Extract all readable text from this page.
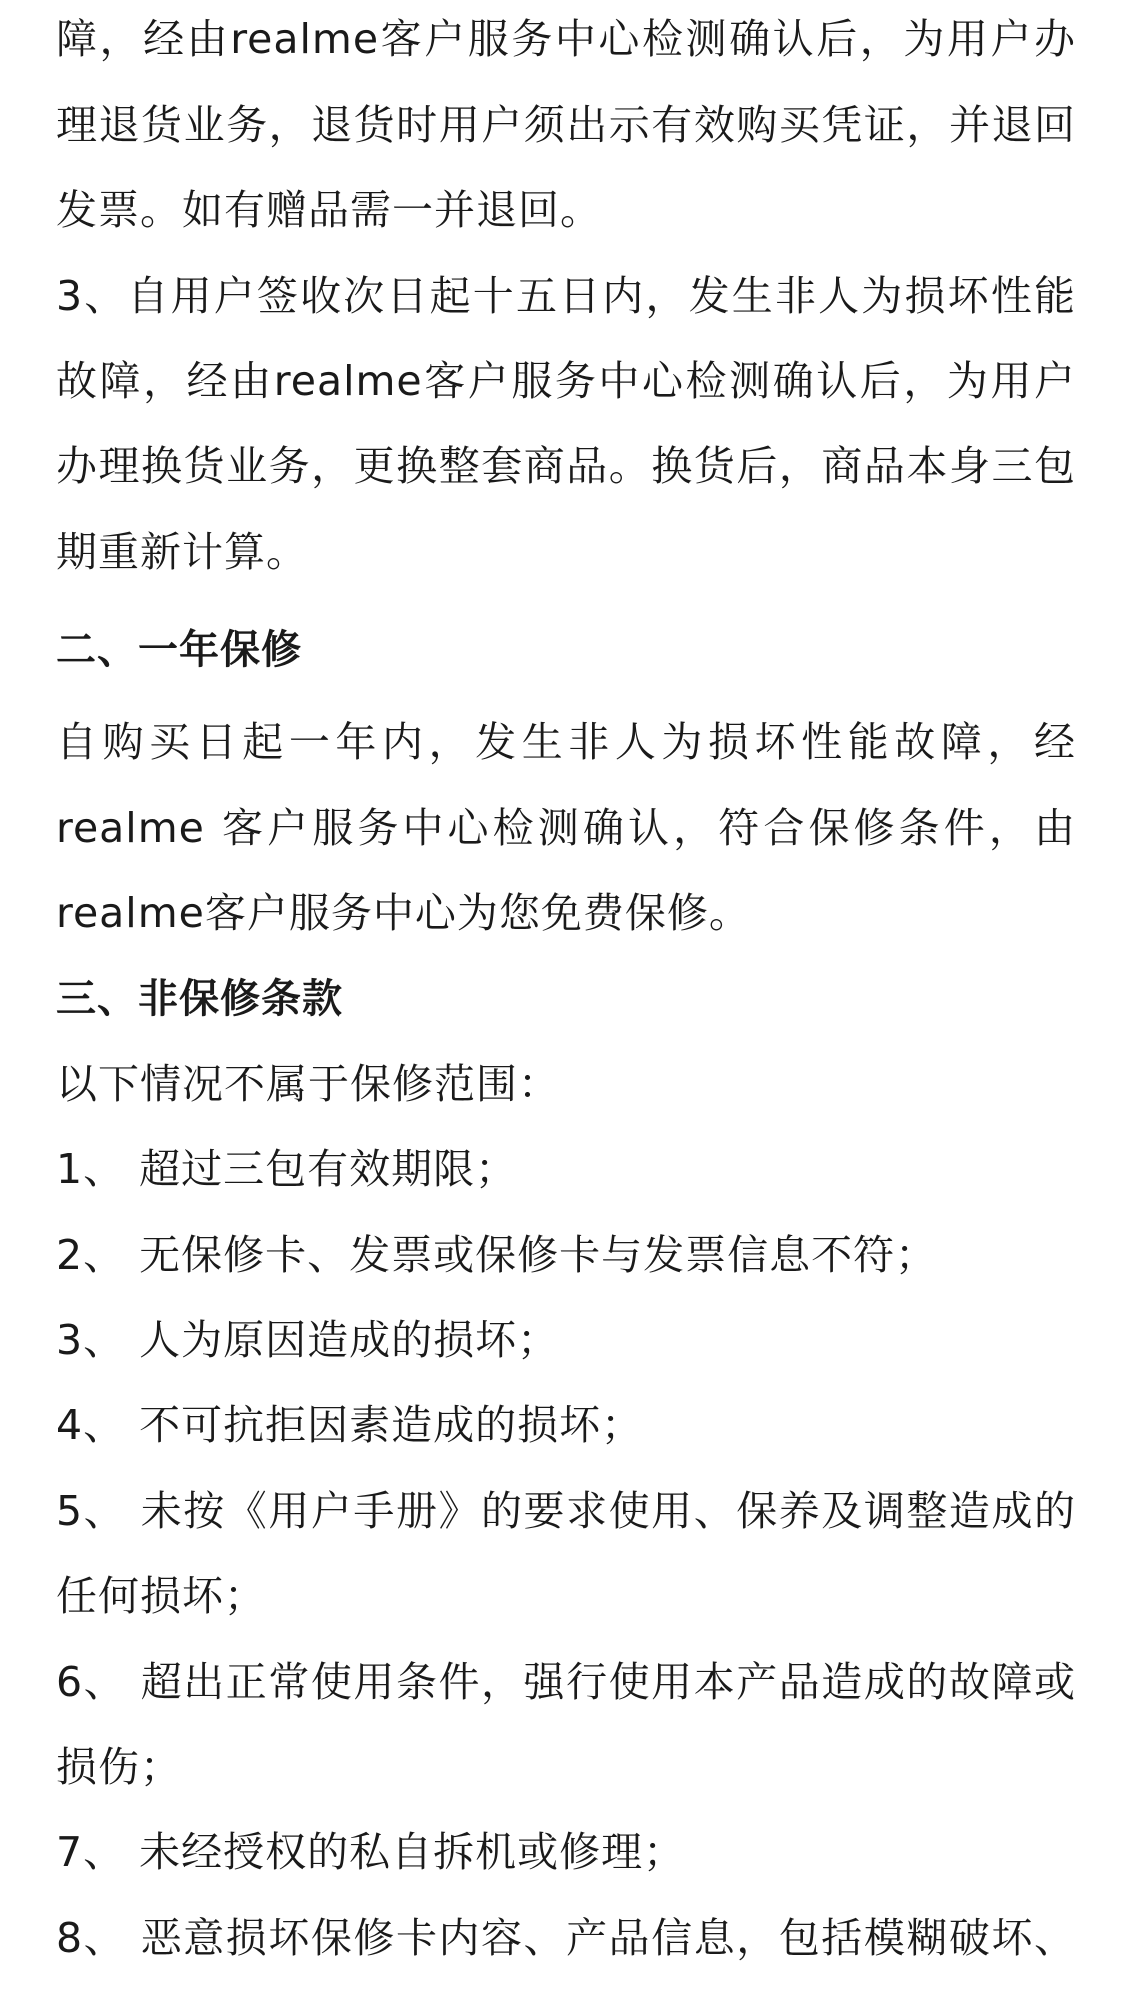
障，经由realme客户服务中心检测确认后，为用户办
理退货业务，退货时用户须出示有效购买凭证，并退回
发票。如有赠品需一并退回。
3、自用户签收次日起十五日内，发生非人为损坏性能
故障，经由realme客户服务中心检测确认后，为用户
办理换货业务，更换整套商品。换货后，商品本身三包
期重新计算。
二、一年保修
自购买日起一年内，发生非人为损坏性能故障，经
realme 客户服务中心检测确认，符合保修条件，由
realme客户服务中心为您免费保修。
三、非保修条款
以下情况不属于保修范围：
1、 超过三包有效期限；
2、 无保修卡、发票或保修卡与发票信息不符；
3、 人为原因造成的损坏；
4、 不可抗拒因素造成的损坏；
5、 未按《用户手册》的要求使用、保养及调整造成的
任何损坏；
6、 超出正常使用条件，强行使用本产品造成的故障或
损伤；
7、 未经授权的私自拆机或修理；
8、 恶意损坏保修卡内容、产品信息，包括模糊破坏、
